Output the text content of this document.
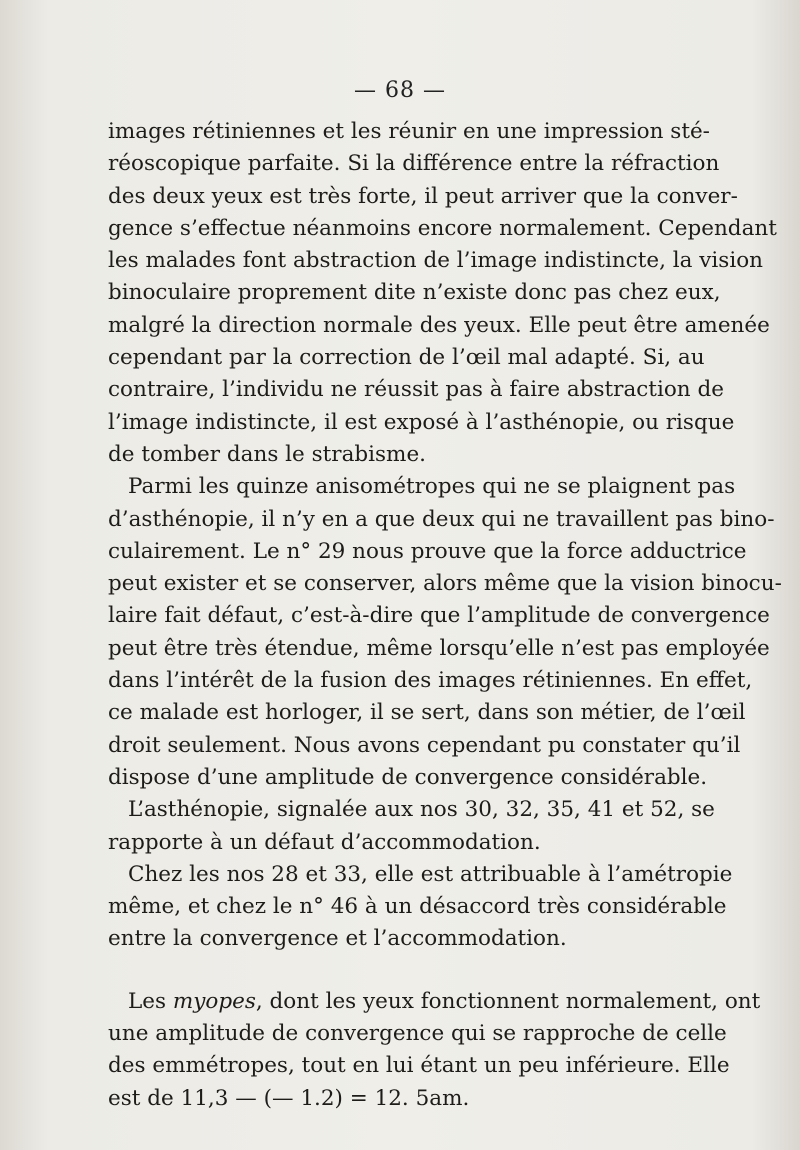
— 68 —
images rétiniennes et les réunir en une impression sté-
réoscopique parfaite. Si la différence entre la réfraction
des deux yeux est très forte, il peut arriver que la conver-
gence s’effectue néanmoins encore normalement. Cependant
les malades font abstraction de l’image indistincte, la vision
binoculaire proprement dite n’existe donc pas chez eux,
malgré la direction normale des yeux. Elle peut être amenée
cependant par la correction de l’œil mal adapté. Si, au
contraire, l’individu ne réussit pas à faire abstraction de
l’image indistincte, il est exposé à l’asthénopie, ou risque
de tomber dans le strabisme.
Parmi les quinze anisométropes qui ne se plaignent pas
d’asthénopie, il n’y en a que deux qui ne travaillent pas bino-
culairement. Le n° 29 nous prouve que la force adductrice
peut exister et se conserver, alors même que la vision binocu-
laire fait défaut, c’est-à-dire que l’amplitude de convergence
peut être très étendue, même lorsqu’elle n’est pas employée
dans l’intérêt de la fusion des images rétiniennes. En effet,
ce malade est horloger, il se sert, dans son métier, de l’œil
droit seulement. Nous avons cependant pu constater qu’il
dispose d’une amplitude de convergence considérable.
L’asthénopie, signalée aux nos 30, 32, 35, 41 et 52, se
rapporte à un défaut d’accommodation.
Chez les nos 28 et 33, elle est attribuable à l’amétropie
même, et chez le n° 46 à un désaccord très considérable
entre la convergence et l’accommodation.
Les myopes, dont les yeux fonctionnent normalement, ont
une amplitude de convergence qui se rapproche de celle
des emmétropes, tout en lui étant un peu inférieure. Elle
est de 11,3 — (— 1.2) = 12. 5am.
